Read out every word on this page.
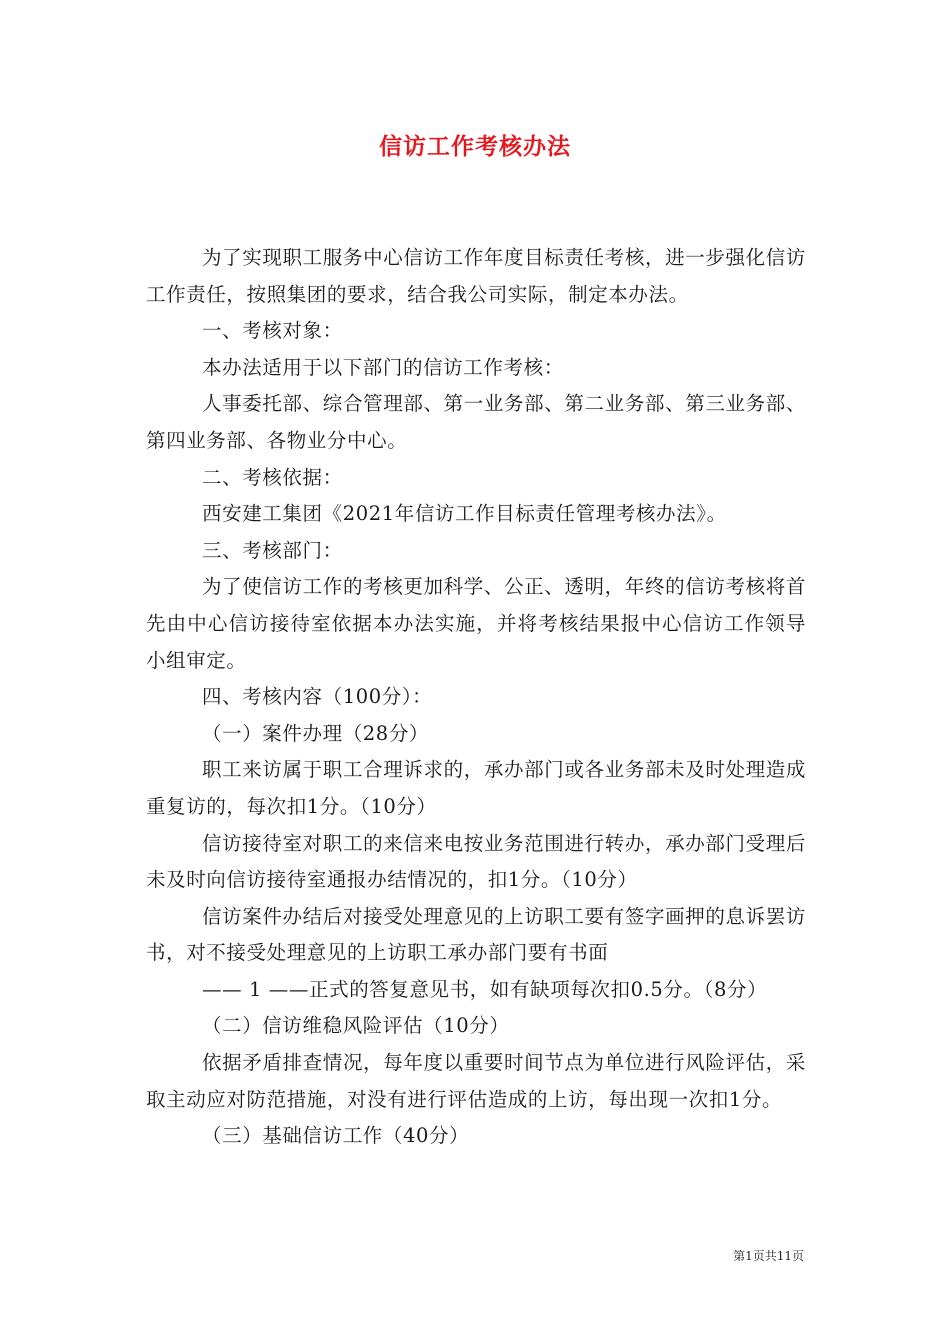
信访工作考核办法

为了实现职工服务中心信访工作年度目标责任考核，进一步强化信访工作责任，按照集团的要求，结合我公司实际，制定本办法。

一、考核对象：

本办法适用于以下部门的信访工作考核：

人事委托部、综合管理部、第一业务部、第二业务部、第三业务部、第四业务部、各物业分中心。

二、考核依据：

西安建工集团《2021年信访工作目标责任管理考核办法》。

三、考核部门：

为了使信访工作的考核更加科学、公正、透明，年终的信访考核将首先由中心信访接待室依据本办法实施，并将考核结果报中心信访工作领导小组审定。

四、考核内容（100分）：

（一）案件办理（28分）

职工来访属于职工合理诉求的，承办部门或各业务部未及时处理造成重复访的，每次扣1分。（10分）

信访接待室对职工的来信来电按业务范围进行转办，承办部门受理后未及时向信访接待室通报办结情况的，扣1分。（10分）

信访案件办结后对接受处理意见的上访职工要有签字画押的息诉罢访书，对不接受处理意见的上访职工承办部门要有书面

—— 1 ——正式的答复意见书，如有缺项每次扣0.5分。（8分）

（二）信访维稳风险评估（10分）

依据矛盾排查情况，每年度以重要时间节点为单位进行风险评估，采取主动应对防范措施，对没有进行评估造成的上访，每出现一次扣1分。

（三）基础信访工作（40分）

第1页共11页
